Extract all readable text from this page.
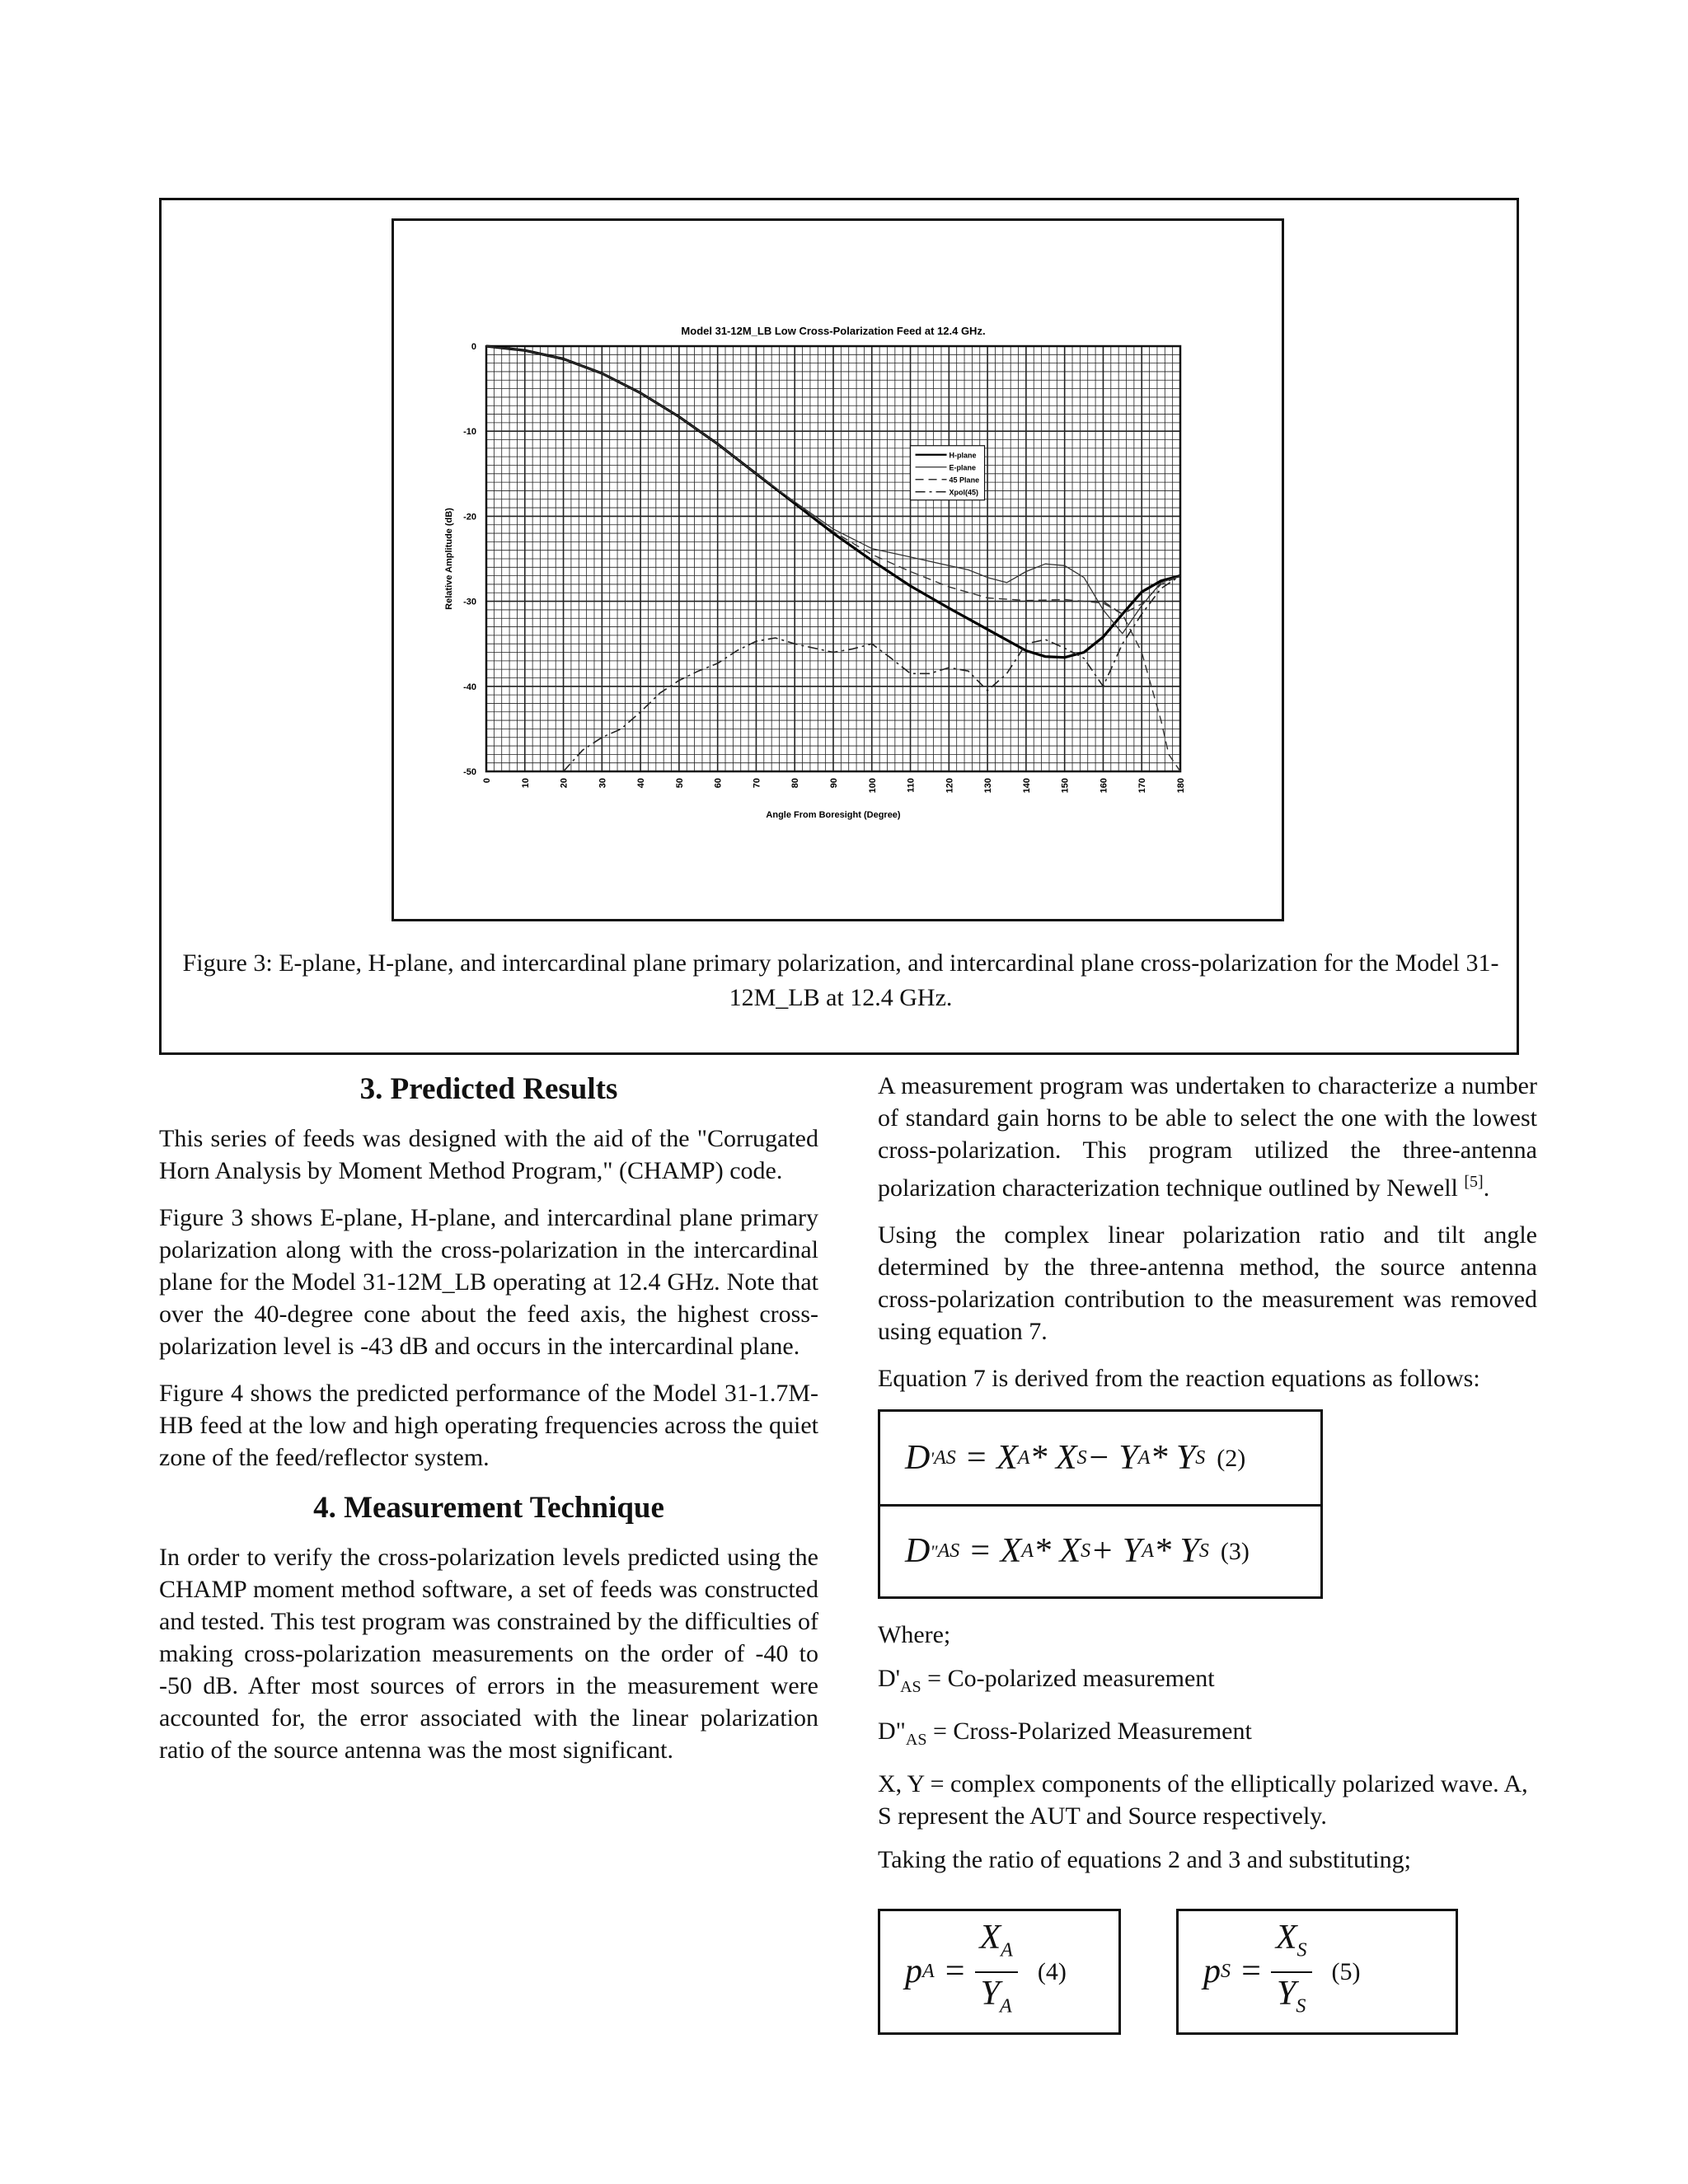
Model 31-12M_LB Low Cross-Polarization Feed at 12.4 GHz.
0
-10
-20
-30
-40
-50
0	10	20	30	40	50	60	70	80	90	100	110	120	130	140	150	160	170	180
Angle From Boresight (Degree)
Relative Amplitude (dB)
H-plane
E-plane
45 Plane
Xpol(45)
Figure 3: E-plane, H-plane, and intercardinal plane primary polarization, and intercardinal plane cross-polarization for the Model 31-12M_LB at 12.4 GHz.
3. Predicted Results

This series of feeds was designed with the aid of the "Corrugated Horn Analysis by Moment Method Program," (CHAMP) code.

Figure 3 shows E-plane, H-plane, and intercardinal plane primary polarization along with the cross-polarization in the intercardinal plane for the Model 31-12M_LB operating at 12.4 GHz. Note that over the 40-degree cone about the feed axis, the highest cross-polarization level is -43 dB and occurs in the intercardinal plane.

Figure 4 shows the predicted performance of the Model 31-1.7M-HB feed at the low and high operating frequencies across the quiet zone of the feed/reflector system.

4. Measurement Technique

In order to verify the cross-polarization levels predicted using the CHAMP moment method software, a set of feeds was constructed and tested. This test program was constrained by the difficulties of making cross-polarization measurements on the order of -40 to -50 dB. After most sources of errors in the measurement were accounted for, the error associated with the linear polarization ratio of the source antenna was the most significant.

A measurement program was undertaken to characterize a number of standard gain horns to be able to select the one with the lowest cross-polarization. This program utilized the three-antenna polarization characterization technique outlined by Newell [5].

Using the complex linear polarization ratio and tilt angle determined by the three-antenna method, the source antenna cross-polarization contribution to the measurement was removed using equation 7.

Equation 7 is derived from the reaction equations as follows:

D ' AS = X A * X S − Y A * Y S (2)
D " AS = X A * X S + Y A * Y S (3)

Where;

$D'_{AS}$ = Co-polarized measurement

$D"_{AS}$ = Cross-Polarized Measurement

X, Y = complex components of the elliptically polarized wave. A, S represent the AUT and Source respectively.

Taking the ratio of equations 2 and 3 and substituting;

p $A = \frac{X_A}{Y_A} (4)$	p $S = \frac{X_S}{Y_S} (5)$
